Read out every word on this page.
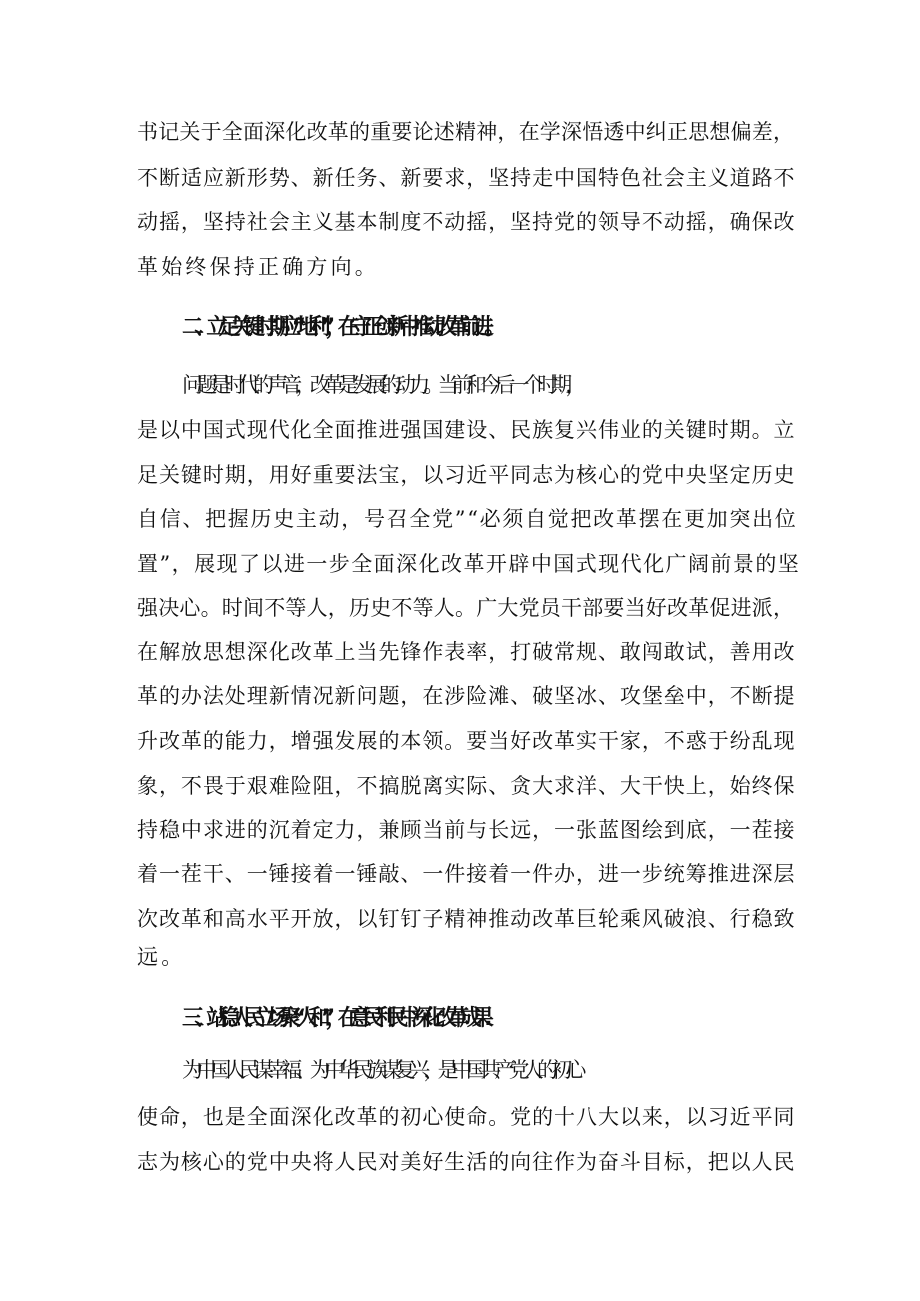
书记关于全面深化改革的重要论述精神，在学深悟透中纠正思想偏差，

不断适应新形势、新任务、新要求，坚持走中国特色社会主义道路不

动摇，坚持社会主义基本制度不动摇，坚持党的领导不动摇，确保改

革始终保持正确方向。

二、立足关键时期应“地利”，在守正创新中推动改革前进。

问题是时代的声音，改革是发展的动力。当前和今后一个时期，

是以中国式现代化全面推进强国建设、民族复兴伟业的关键时期。立

足关键时期，用好重要法宝，以习近平同志为核心的党中央坚定历史

自信、把握历史主动，号召全党”“必须自觉把改革摆在更加突出位

置”，展现了以进一步全面深化改革开辟中国式现代化广阔前景的坚

强决心。时间不等人，历史不等人。广大党员干部要当好改革促进派，

在解放思想深化改革上当先锋作表率，打破常规、敢闯敢试，善用改

革的办法处理新情况新问题，在涉险滩、破坚冰、攻堡垒中，不断提

升改革的能力，增强发展的本领。要当好改革实干家，不惑于纷乱现

象，不畏于艰难险阻，不搞脱离实际、贪大求洋、大干快上，始终保

持稳中求进的沉着定力，兼顾当前与长远，一张蓝图绘到底，一茬接

着一茬干、一锤接着一锤敲、一件接着一件办，进一步统筹推进深层

次改革和高水平开放，以钉钉子精神推动改革巨轮乘风破浪、行稳致

远。

三、站稳人民立场聚“人和”，在意民利民中深化改革成果.

为中国人民谋幸福、为中华民族谋复兴，是中国共产党人的初心

使命，也是全面深化改革的初心使命。党的十八大以来，以习近平同

志为核心的党中央将人民对美好生活的向往作为奋斗目标，把以人民
